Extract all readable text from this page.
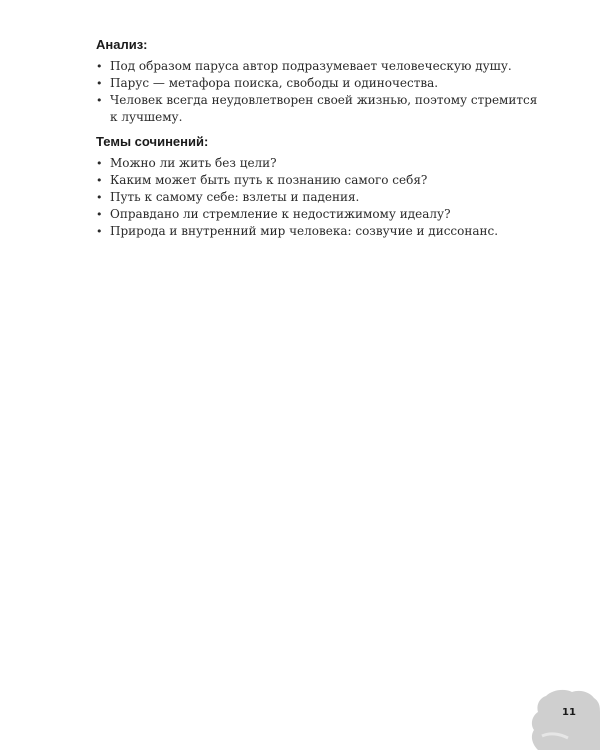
Анализ:
• Под образом паруса автор подразумевает человеческую душу.
• Парус — метафора поиска, свободы и одиночества.
• Человек всегда неудовлетворен своей жизнью, поэтому стремится к лучшему.
Темы сочинений:
• Можно ли жить без цели?
• Каким может быть путь к познанию самого себя?
• Путь к самому себе: взлеты и падения.
• Оправдано ли стремление к недостижимому идеалу?
• Природа и внутренний мир человека: созвучие и диссонанс.
11
